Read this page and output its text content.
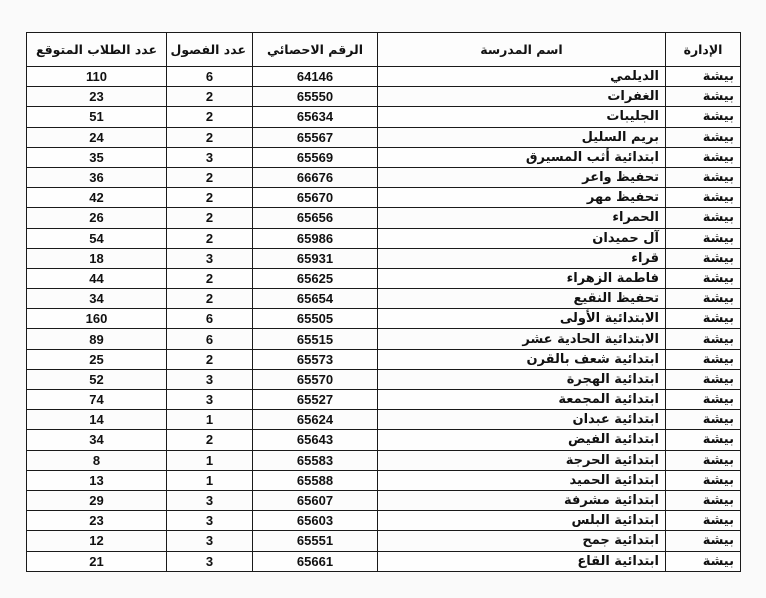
الإدارة	اسم المدرسة	الرقم الاحصائي	عدد الفصول	عدد الطلاب المتوقع
بيشة	الديلمي	64146	6	110
بيشة	الغفرات	65550	2	23
بيشة	الجليبات	65634	2	51
بيشة	بريم السليل	65567	2	24
بيشة	ابتدائية أثب المسيرق	65569	3	35
بيشة	تحفيظ واعر	66676	2	36
بيشة	تحفيظ مهر	65670	2	42
بيشة	الحمراء	65656	2	26
بيشة	آل حميدان	65986	2	54
بيشة	قراء	65931	3	18
بيشة	فاطمة الزهراء	65625	2	44
بيشة	تحفيظ النقيع	65654	2	34
بيشة	الابتدائية الأولى	65505	6	160
بيشة	الابتدائية الحادية عشر	65515	6	89
بيشة	ابتدائية شعف بالقرن	65573	2	25
بيشة	ابتدائية الهجرة	65570	3	52
بيشة	ابتدائية المجمعة	65527	3	74
بيشة	ابتدائية عبدان	65624	1	14
بيشة	ابتدائية الفيض	65643	2	34
بيشة	ابتدائية الحرجة	65583	1	8
بيشة	ابتدائية الحميد	65588	1	13
بيشة	ابتدائية مشرفة	65607	3	29
بيشة	ابتدائية البلس	65603	3	23
بيشة	ابتدائية جمح	65551	3	12
بيشة	ابتدائية القاع	65661	3	21
